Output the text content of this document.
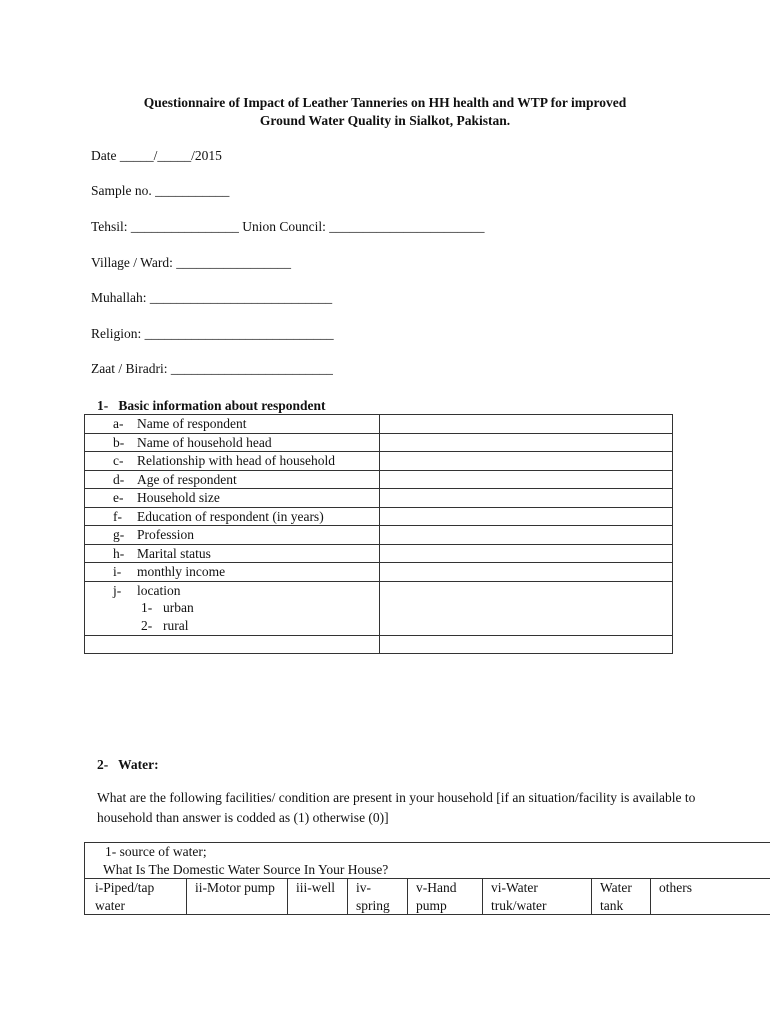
Questionnaire of Impact of Leather Tanneries on HH health and WTP for improved
Ground Water Quality in Sialkot, Pakistan.
Date _____/_____/2015
Sample no. ___________
Tehsil: ________________ Union Council: _______________________
Village / Ward: _________________
Muhallah: ___________________________
Religion: ____________________________
Zaat / Biradri: ________________________
1-   Basic information about respondent
a- Name of respondent	
b- Name of household head	
c- Relationship with head of household	
d- Age of respondent	
e- Household size	
f- Education of respondent (in years)	
g- Profession	
h- Marital status	
i- monthly income	

j- location
1- urban
2- rural	

2-   Water:
What are the following facilities/ condition are present in your household [if an situation/facility is available to household than answer is codded as (1) otherwise (0)]
1- source of water;
What Is The Domestic Water Source In Your House?
i-Piped/tap water	ii-Motor pump	iii-well	iv-spring	v-Hand pump	vi-Water truk/water	Water tank	others
